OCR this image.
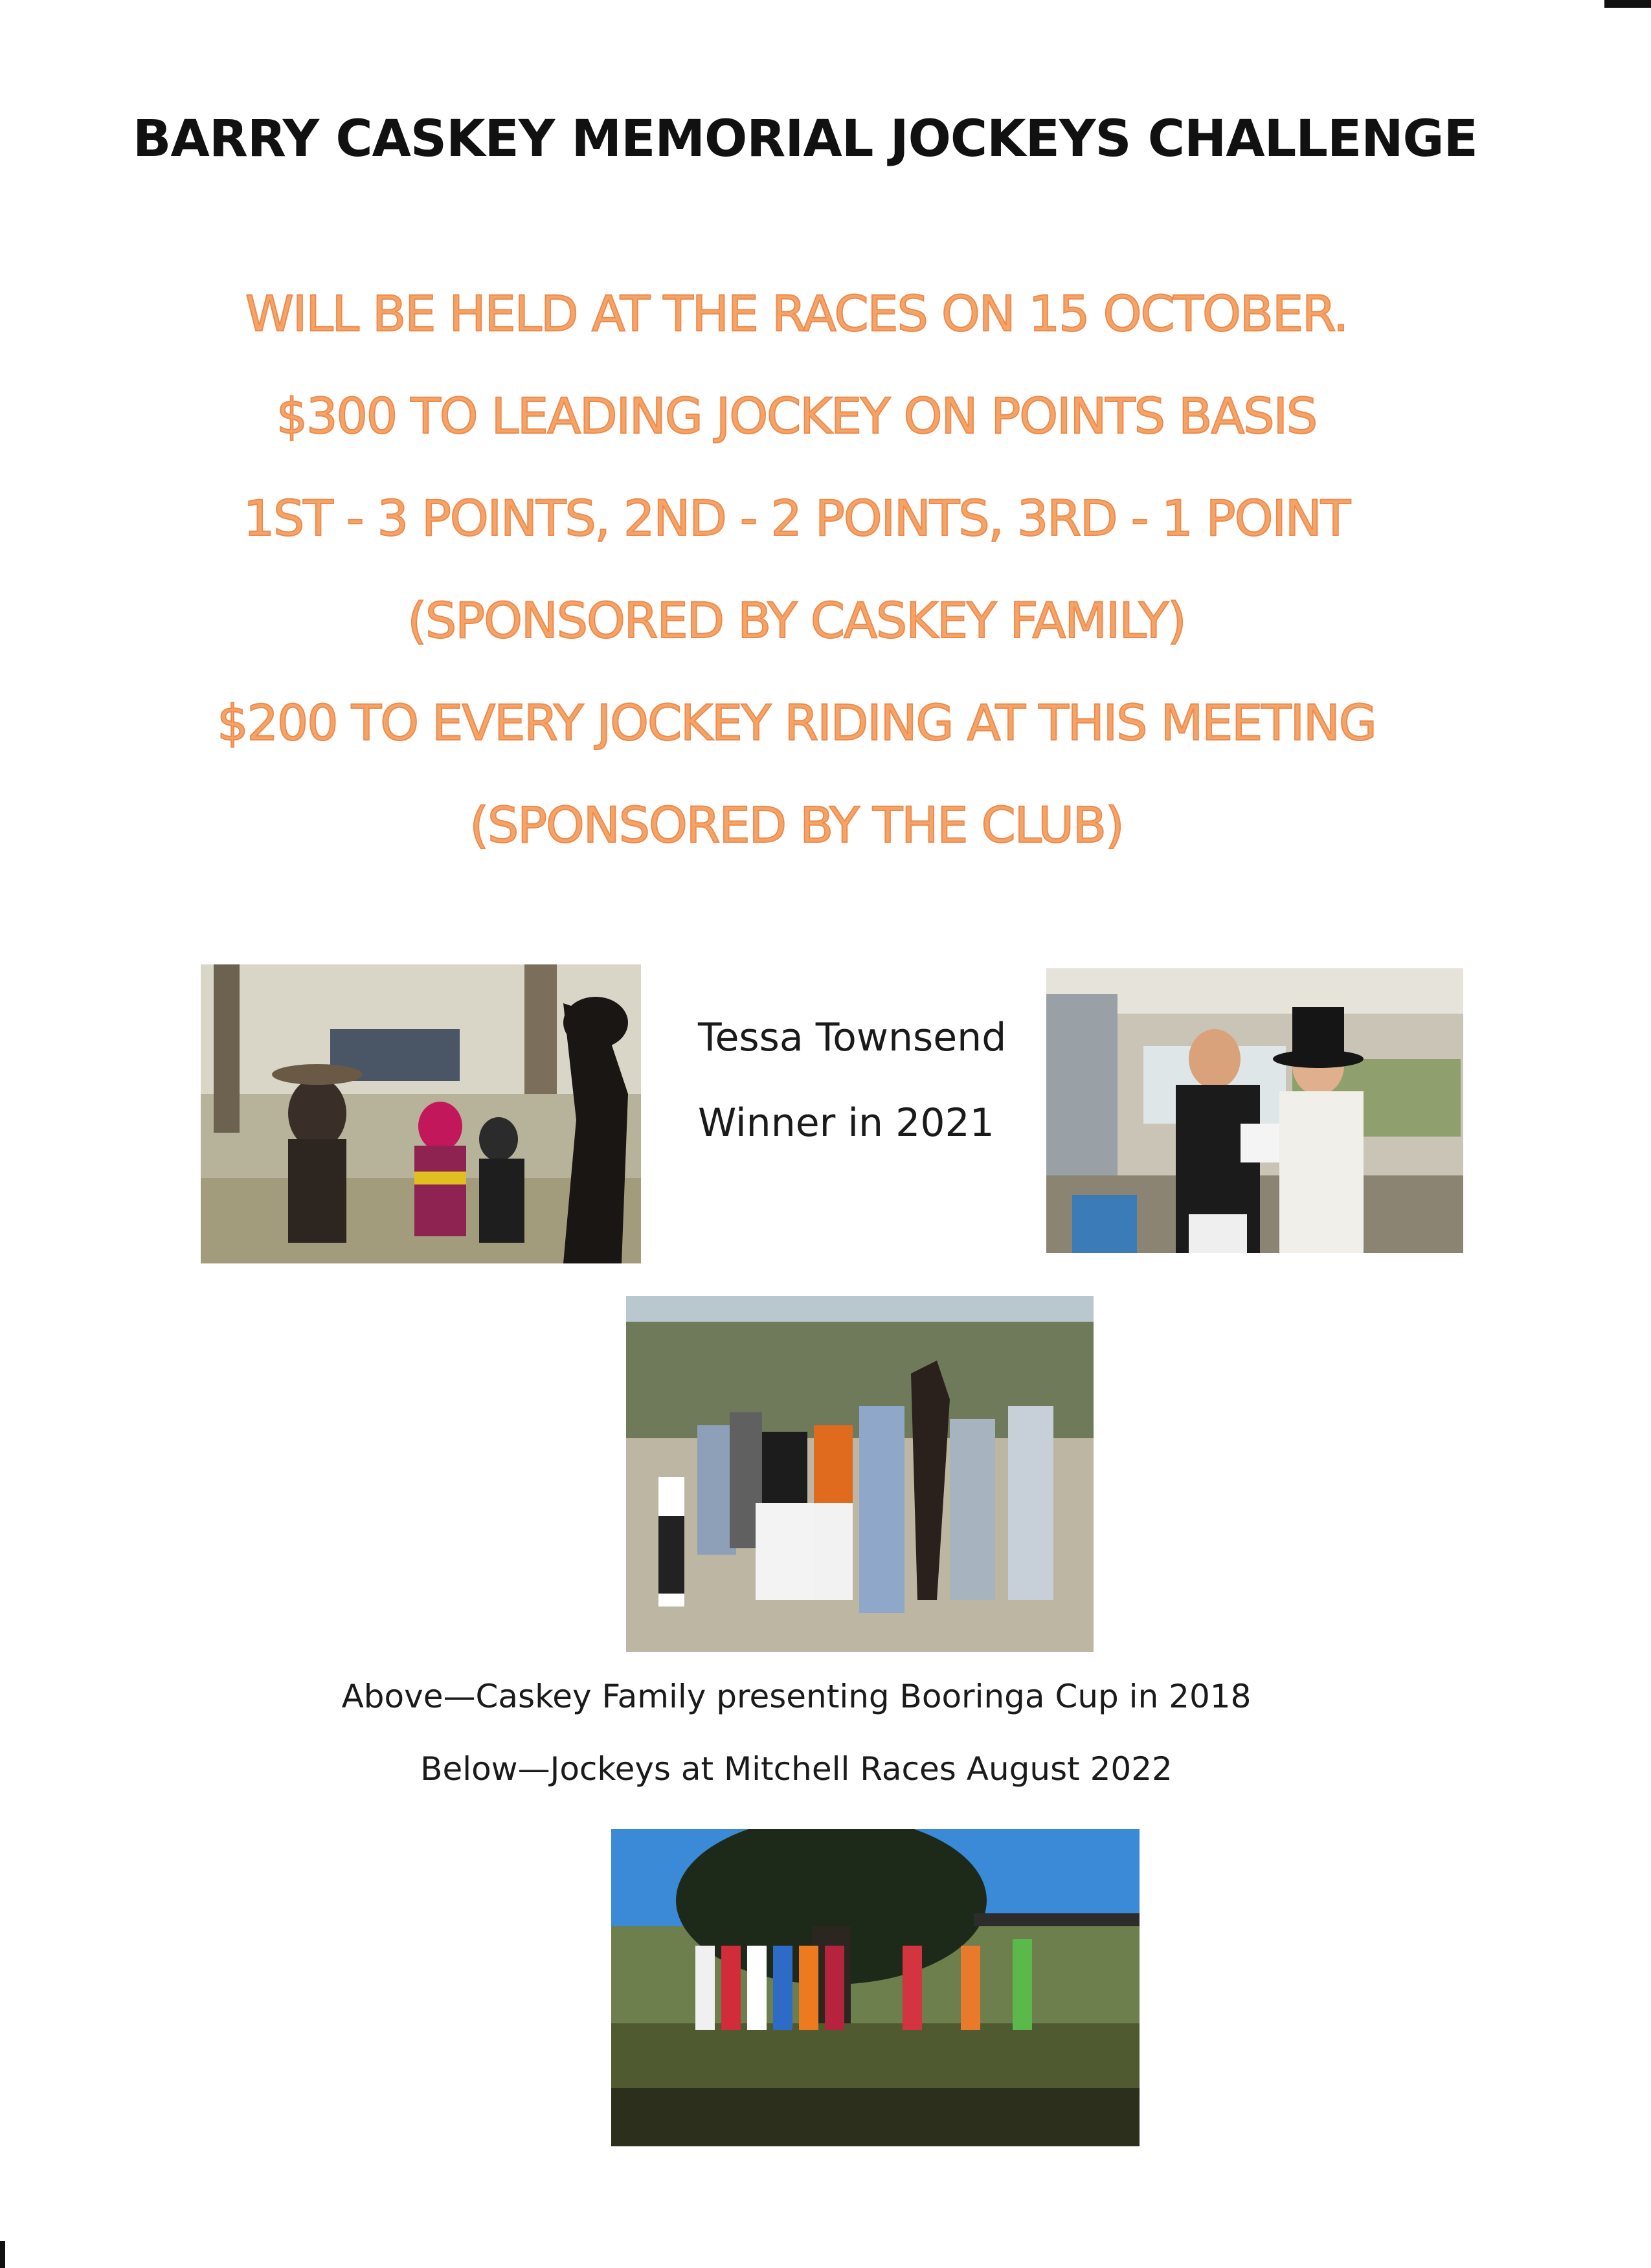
BARRY CASKEY MEMORIAL JOCKEYS CHALLENGE
WILL BE HELD AT THE RACES ON 15 OCTOBER.
$300 TO LEADING JOCKEY ON POINTS BASIS
1ST - 3 POINTS, 2ND - 2 POINTS, 3RD - 1 POINT
(SPONSORED BY CASKEY FAMILY)
$200 TO EVERY JOCKEY RIDING AT THIS MEETING
(SPONSORED BY THE CLUB)
Tessa Townsend
Winner in 2021
Above—Caskey Family presenting Booringa Cup in 2018
Below—Jockeys at Mitchell Races August 2022
